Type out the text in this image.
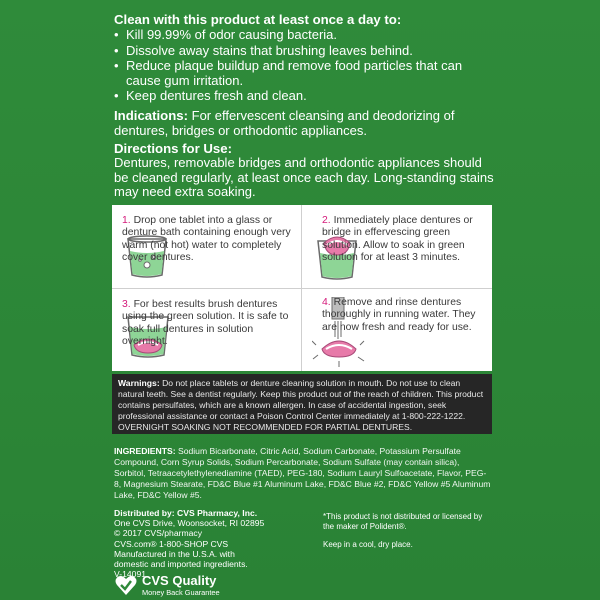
Clean with this product at least once a day to:
• Kill 99.99% of odor causing bacteria.
• Dissolve away stains that brushing leaves behind.
• Reduce plaque buildup and remove food particles that can cause gum irritation.
• Keep dentures fresh and clean.
Indications: For effervescent cleansing and deodorizing of dentures, bridges or orthodontic appliances.
Directions for Use:
Dentures, removable bridges and orthodontic appliances should be cleaned regularly, at least once each day. Long-standing stains may need extra soaking.
1. Drop one tablet into a glass or denture bath containing enough very warm (not hot) water to completely cover dentures.
2. Immediately place dentures or bridge in effervescing green solution. Allow to soak in green solution for at least 3 minutes.
3. For best results brush dentures using the green solution. It is safe to soak full dentures in solution overnight.
4. Remove and rinse dentures thoroughly in running water. They are now fresh and ready for use.
Warnings: Do not place tablets or denture cleaning solution in mouth. Do not use to clean natural teeth. See a dentist regularly. Keep this product out of the reach of children. This product contains persulfates, which are a known allergen. In case of accidental ingestion, seek professional assistance or contact a Poison Control Center immediately at 1-800-222-1222.
OVERNIGHT SOAKING NOT RECOMMENDED FOR PARTIAL DENTURES.
INGREDIENTS: Sodium Bicarbonate, Citric Acid, Sodium Carbonate, Potassium Persulfate Compound, Corn Syrup Solids, Sodium Percarbonate, Sodium Sulfate (may contain silica), Sorbitol, Tetraacetylethylenediamine (TAED), PEG-180, Sodium Lauryl Sulfoacetate, Flavor, PEG-8, Magnesium Stearate, FD&C Blue #1 Aluminum Lake, FD&C Blue #2, FD&C Yellow #5 Aluminum Lake, FD&C Yellow #5.
Distributed by: CVS Pharmacy, Inc.
One CVS Drive, Woonsocket, RI 02895
© 2017 CVS/pharmacy
CVS.com® 1-800-SHOP CVS
Manufactured in the U.S.A. with
domestic and imported ingredients.
V-14091
*This product is not distributed or licensed by the maker of Polident®.
Keep in a cool, dry place.
CVS Quality
Money Back Guarantee
